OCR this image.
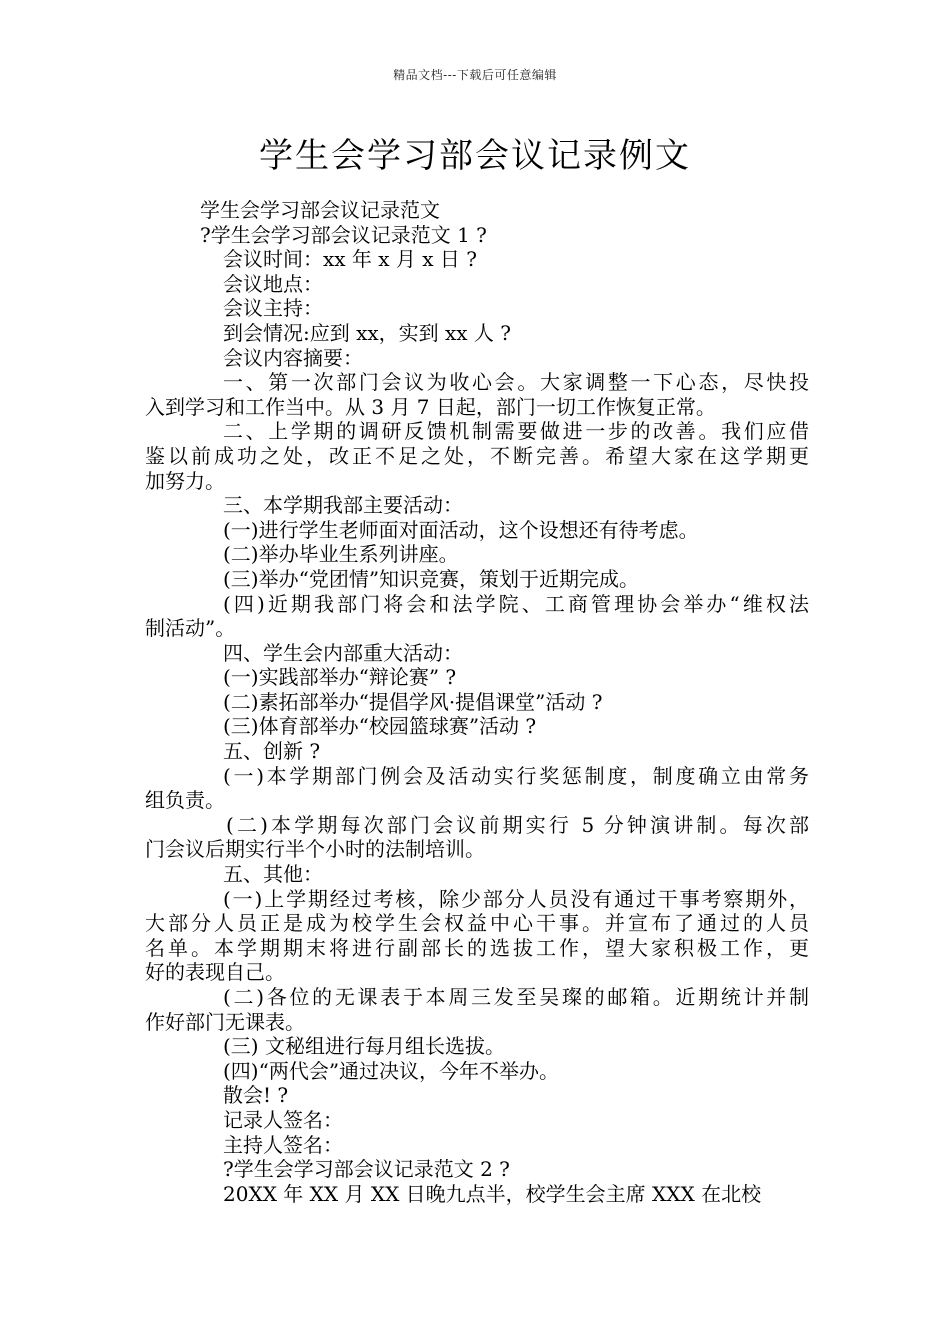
精品文档---下载后可任意编辑
学生会学习部会议记录例文
学生会学习部会议记录范文
?学生会学习部会议记录范文 1 ?
会议时间：xx 年 x 月 x 日 ?
会议地点：
会议主持：
到会情况:应到 xx，实到 xx 人 ?
会议内容摘要：
一、第一次部门会议为收心会。大家调整一下心态，尽快投
入到学习和工作当中。从 3 月 7 日起，部门一切工作恢复正常。
二、上学期的调研反馈机制需要做进一步的改善。我们应借
鉴以前成功之处，改正不足之处，不断完善。希望大家在这学期更
加努力。
三、本学期我部主要活动：
(一)进行学生老师面对面活动，这个设想还有待考虑。
(二)举办毕业生系列讲座。
(三)举办“党团情”知识竞赛，策划于近期完成。
(四)近期我部门将会和法学院、工商管理协会举办“维权法
制活动”。
四、学生会内部重大活动：
(一)实践部举办“辩论赛” ?
(二)素拓部举办“提倡学风·提倡课堂”活动 ?
(三)体育部举办“校园篮球赛”活动 ?
五、创新 ?
(一)本学期部门例会及活动实行奖惩制度，制度确立由常务
组负责。
(二)本学期每次部门会议前期实行 5 分钟演讲制。每次部
门会议后期实行半个小时的法制培训。
五、其他：
(一)上学期经过考核，除少部分人员没有通过干事考察期外，
大部分人员正是成为校学生会权益中心干事。并宣布了通过的人员
名单。本学期期末将进行副部长的选拔工作，望大家积极工作，更
好的表现自己。
(二)各位的无课表于本周三发至吴璨的邮箱。近期统计并制
作好部门无课表。
(三) 文秘组进行每月组长选拔。
(四)“两代会”通过决议，今年不举办。
散会! ?
记录人签名：
主持人签名：
?学生会学习部会议记录范文 2 ?
20XX 年 XX 月 XX 日晚九点半，校学生会主席 XXX 在北校
